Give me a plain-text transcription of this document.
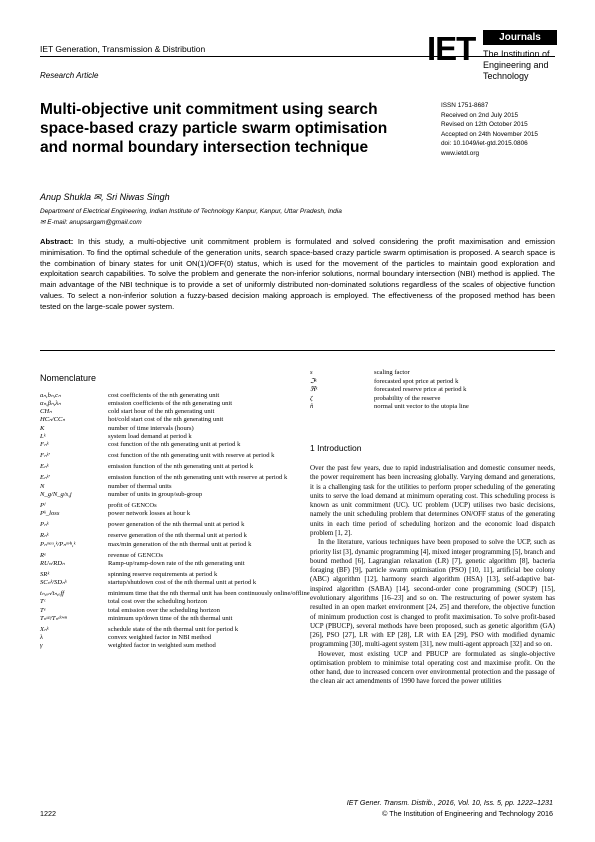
IET Generation, Transmission & Distribution
Research Article
IET	Journals
The Institution of
Engineering and Technology
Multi-objective unit commitment using search space-based crazy particle swarm optimisation and normal boundary intersection technique
ISSN 1751-8687
Received on 2nd July 2015
Revised on 12th October 2015
Accepted on 24th November 2015
doi: 10.1049/iet-gtd.2015.0806
www.ietdl.org
Anup Shukla ✉, Sri Niwas Singh
Department of Electrical Engineering, Indian Institute of Technology Kanpur, Kanpur, Uttar Pradesh, India
✉ E-mail: anupsargam@gmail.com
Abstract: In this study, a multi-objective unit commitment problem is formulated and solved considering the profit maximisation and emission minimisation. To find the optimal schedule of the generation units, search space-based crazy particle swarm optimisation is proposed. A search space is the combination of binary states for unit ON(1)/OFF(0) status, which is used for the movement of the particles to maintain good exploration and exploitation search capabilities. To solve the problem and generate the non-inferior solutions, normal boundary intersection (NBI) method is applied. The main advantage of the NBI technique is to provide a set of uniformly distributed non-dominated solutions regardless of the scales of objective function values. To select a non-inferior solution a fuzzy-based decision making approach is employed. The effectiveness of the proposed method has been tested on the large-scale power system.
Nomenclature
aₙ,bₙ,cₙ	cost coefficients of the nth generating unit
αₙ,βₙ,λₙ	emission coefficients of the nth generating unit
CHₙ	cold start hour of the nth generating unit
HCₙ/CCₙ	hot/cold start cost of the nth generating unit
K	number of time intervals (hours)
Lᵏ	system load demand at period k
Fₙᵏ	cost function of the nth generating unit at period k
Fₙᵏ′	cost function of the nth generating unit with reserve at period k
Eₙᵏ	emission function of the nth generating unit at period k
Eₙᵏ′	emission function of the nth generating unit with reserve at period k
N	number of thermal units
N_g/N_g/s,j	number of units in group/sub-group
Pᶠ	profit of GENCOs
Pᵏ_loss	power network losses at hour k
Pₙᵏ	power generation of the nth thermal unit at period k
Rₙᵏ	reserve generation of the nth thermal unit at period k
Pₙᵐᵃˣ,ᵏ/Pₙᵐⁱⁿ,ᵏ	max/min generation of the nth thermal unit at period k
Rᵉ	revenue of GENCOs
RUₙ/RDₙ	Ramp-up/ramp-down rate of the nth generating unit
SRᵏ	spinning reserve requirements at period k
SCₙᵏ/SDₙᵏ	startup/shutdown cost of the nth thermal unit at period k
tₙ,ₒₙ/tₙ,ₒff	minimum time that the nth thermal unit has been continuously online/offline
Tᶜ	total cost over the scheduling horizon
Tᵉ	total emission over the scheduling horizon
Tₙᵘᵖ/Tₙᵈᵒʷⁿ	minimum up/down time of the nth thermal unit
Xₙᵏ	schedule state of the nth thermal unit for period k
λ	convex weighted factor in NBI method
γ	weighted factor in weighted sum method
s	scaling factor
ℑᵏ	forecasted spot price at period k
ℜᵏ	forecasted reserve price at period k
ζ	probability of the reserve
n̂	normal unit vector to the utopia line
1 Introduction

Over the past few years, due to rapid industrialisation and domestic consumer needs, the power requirement has been increasing globally. Varying demand and generations, it is a challenging task for the utilities to perform proper scheduling of the generating units to serve the load demand at minimum operating cost. This scheduling process is known as unit commitment (UC). UC problem (UCP) utilises two basic decisions, namely the unit scheduling problem that determines ON/OFF status of the generating units in each time period of scheduling horizon and the economic load dispatch problem [1, 2].

In the literature, various techniques have been proposed to solve the UCP, such as priority list [3], dynamic programming [4], mixed integer programming [5], branch and bound method [6], Lagrangian relaxation (LR) [7], genetic algorithm [8], bacteria foraging (BF) [9], particle swarm optimisation (PSO) [10, 11], artificial bee colony (ABC) algorithm [12], harmony search algorithm (HSA) [13], self-adaptive bat-inspired algorithm (SABA) [14], second-order cone programming (SOCP) [15], evolutionary algorithms [16–23] and so on. The restructuring of power system has resulted in an open market environment [24, 25] and therefore, the objective function of minimum production cost is changed to profit maximisation. To solve profit-based UCP (PBUCP), several methods have been proposed, such as genetic algorithm (GA) [26], PSO [27], LR with EP [28], LR with EA [29], PSO with modified dynamic programming [30], multi-agent system [31], new multi-agent approach [32] and so on.

However, most existing UCP and PBUCP are formulated as single-objective optimisation problem to minimise total operating cost and maximise profit. On the other hand, due to increased concern over environmental protection and the passage of the clean air act amendments of 1990 have forced the power utilities

IET Gener. Transm. Distrib., 2016, Vol. 10, Iss. 5, pp. 1222–1231
© The Institution of Engineering and Technology 2016
1222
